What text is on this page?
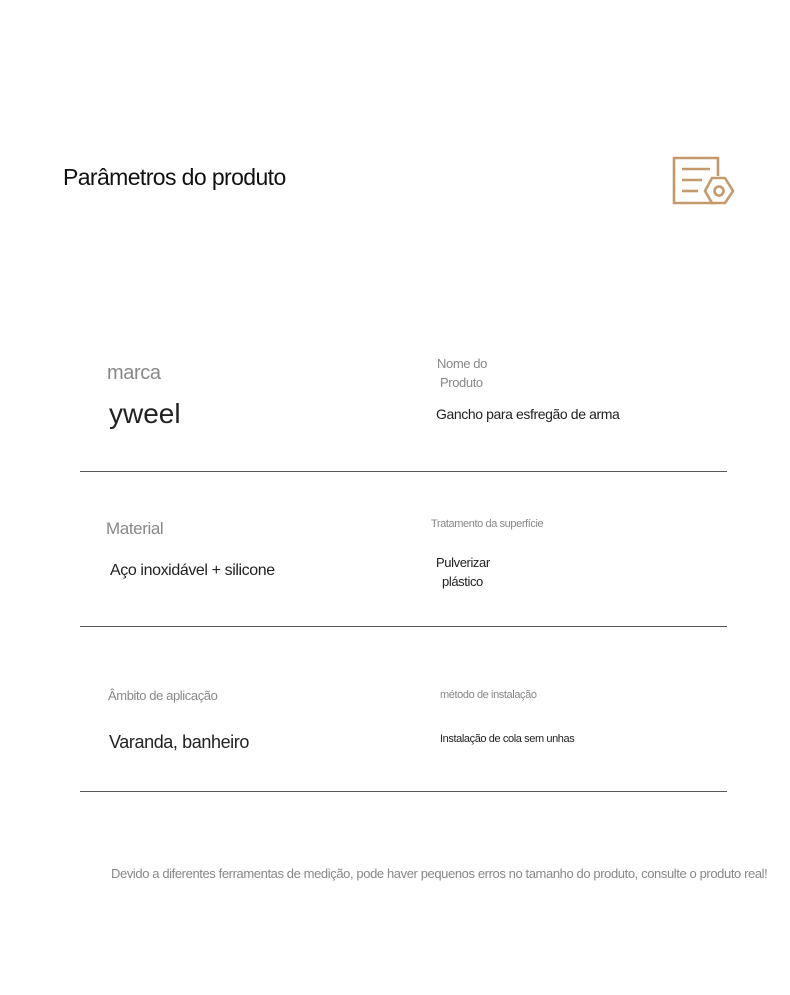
Parâmetros do produto
marca
yweel
Nome do
Produto
Gancho para esfregão de arma
Material
Aço inoxidável + silicone
Tratamento da superfície
Pulverizar
plástico
Âmbito de aplicação
Varanda, banheiro
método de instalação
Instalação de cola sem unhas
Devido a diferentes ferramentas de medição, pode haver pequenos erros no tamanho do produto, consulte o produto real!
